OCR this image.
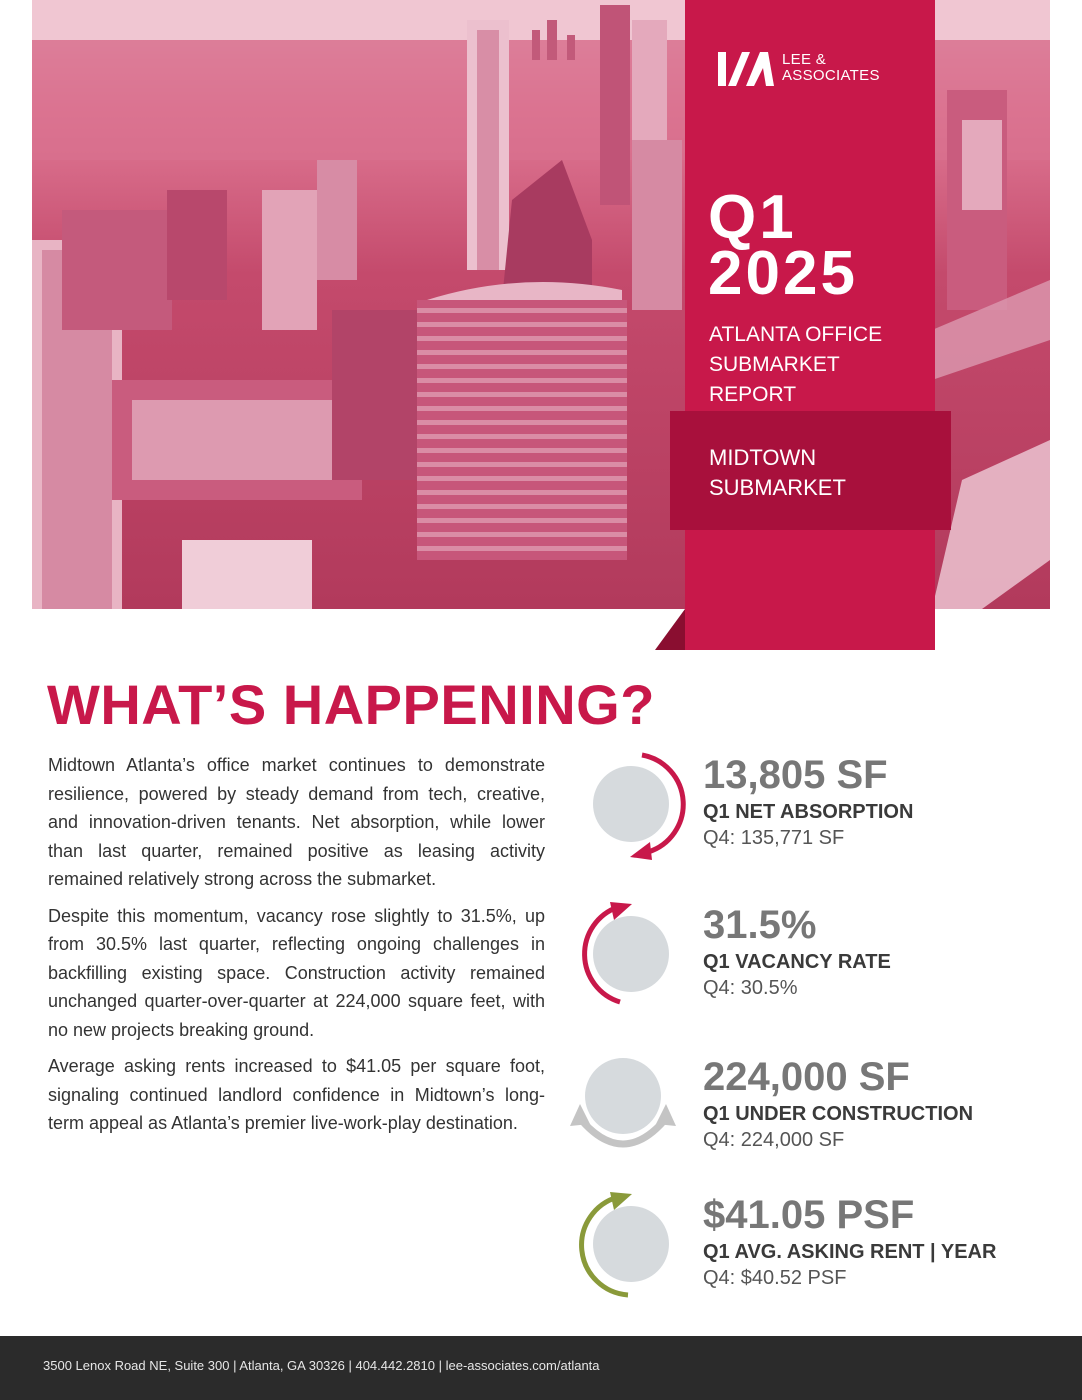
LEE &
ASSOCIATES
Q1
2025
ATLANTA OFFICE
SUBMARKET REPORT
MIDTOWN
SUBMARKET
WHAT’S HAPPENING?

Midtown Atlanta’s office market continues to demonstrate resilience, powered by steady demand from tech, creative, and innovation-driven tenants. Net absorption, while lower than last quarter, remained positive as leasing activity remained relatively strong across the submarket.

Despite this momentum, vacancy rose slightly to 31.5%, up from 30.5% last quarter, reflecting ongoing challenges in backfilling existing space. Construction activity remained unchanged quarter-over-quarter at 224,000 square feet, with no new projects breaking ground.

Average asking rents increased to $41.05 per square foot, signaling continued landlord confidence in Midtown’s long-term appeal as Atlanta’s premier live-work-play destination.

13,805 SF
Q1 NET ABSORPTION
Q4: 135,771 SF
31.5%
Q1 VACANCY RATE
Q4: 30.5%
224,000 SF
Q1 UNDER CONSTRUCTION
Q4: 224,000 SF
$41.05 PSF
Q1 AVG. ASKING RENT | YEAR
Q4: $40.52 PSF
3500 Lenox Road NE, Suite 300 | Atlanta, GA 30326 | 404.442.2810 | lee-associates.com/atlanta
